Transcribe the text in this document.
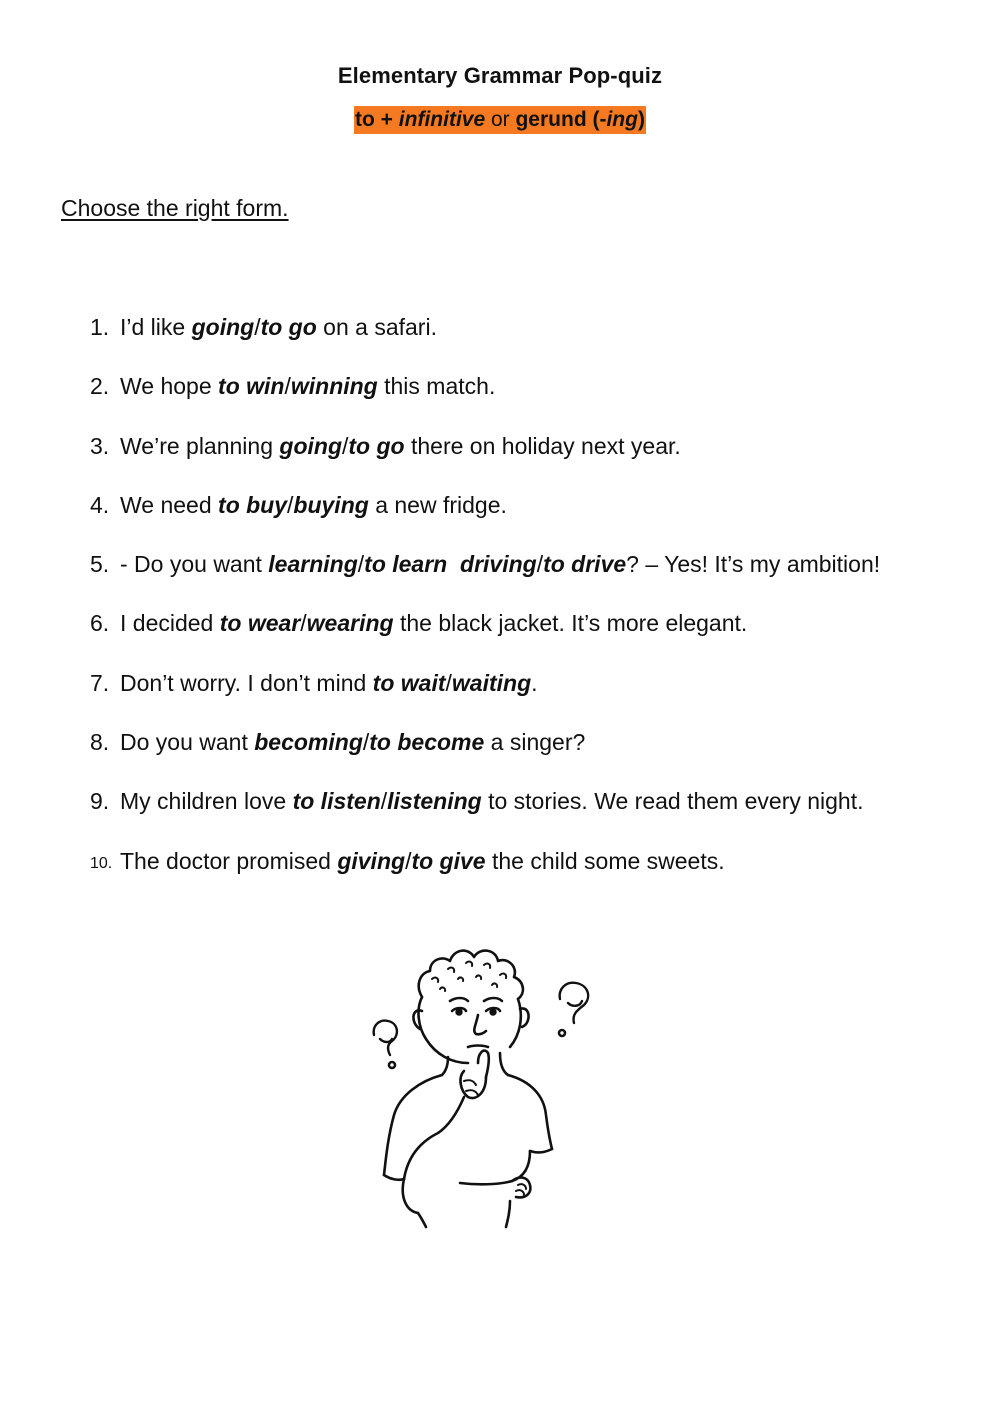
Elementary Grammar Pop-quiz
to + infinitive or gerund (-ing)
Choose the right form.
1. I’d like going/to go on a safari.
2. We hope to win/winning this match.
3. We’re planning going/to go there on holiday next year.
4. We need to buy/buying a new fridge.
5. - Do you want learning/to learn driving/to drive? – Yes! It’s my ambition!
6. I decided to wear/wearing the black jacket. It’s more elegant.
7. Don’t worry. I don’t mind to wait/waiting.
8. Do you want becoming/to become a singer?
9. My children love to listen/listening to stories. We read them every night.
10. The doctor promised giving/to give the child some sweets.
